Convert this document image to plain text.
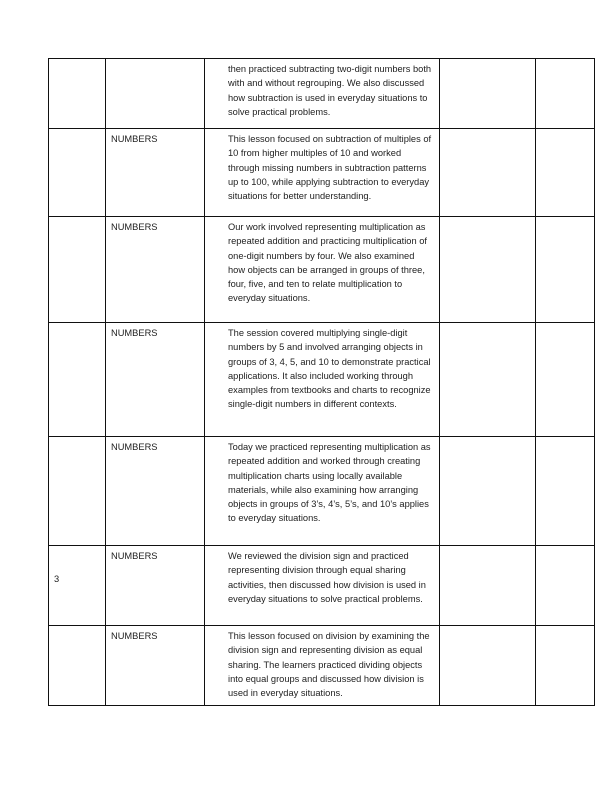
		then practiced subtracting two-digit numbers both with and without regrouping. We also discussed how subtraction is used in everyday situations to solve practical problems.		
	NUMBERS	This lesson focused on subtraction of multiples of 10 from higher multiples of 10 and worked through missing numbers in subtraction patterns up to 100, while applying subtraction to everyday situations for better understanding.		
	NUMBERS	Our work involved representing multiplication as repeated addition and practicing multiplication of one-digit numbers by four. We also examined how objects can be arranged in groups of three, four, five, and ten to relate multiplication to everyday situations.		
	NUMBERS	The session covered multiplying single-digit numbers by 5 and involved arranging objects in groups of 3, 4, 5, and 10 to demonstrate practical applications. It also included working through examples from textbooks and charts to recognize single-digit numbers in different contexts.		
	NUMBERS	Today we practiced representing multiplication as repeated addition and worked through creating multiplication charts using locally available materials, while also examining how arranging objects in groups of 3’s, 4’s, 5’s, and 10’s applies to everyday situations.		
3	NUMBERS	We reviewed the division sign and practiced representing division through equal sharing activities, then discussed how division is used in everyday situations to solve practical problems.		
	NUMBERS	This lesson focused on division by examining the division sign and representing division as equal sharing. The learners practiced dividing objects into equal groups and discussed how division is used in everyday situations.		
